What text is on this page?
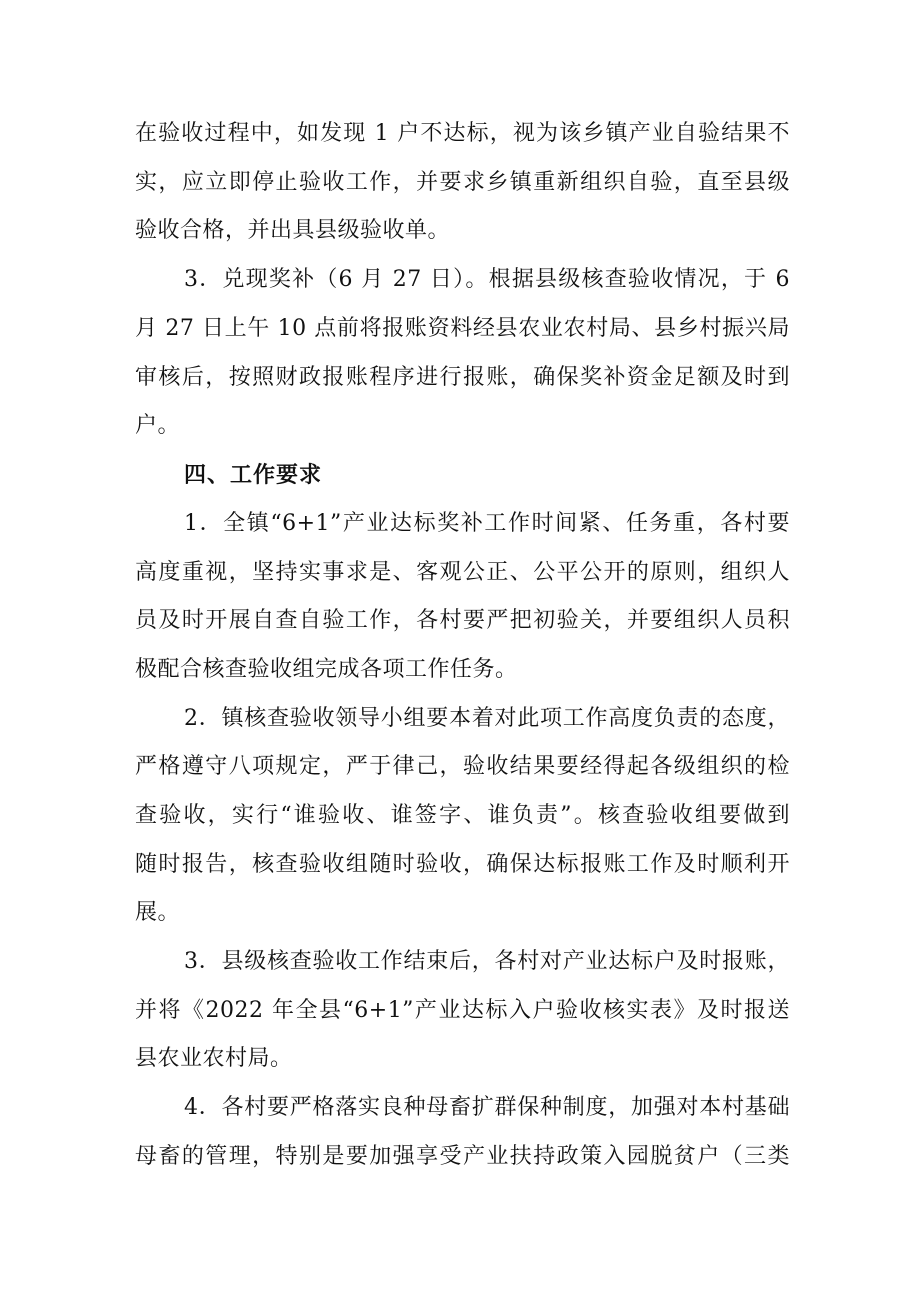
在验收过程中，如发现 1 户不达标，视为该乡镇产业自验结果不
实，应立即停止验收工作，并要求乡镇重新组织自验，直至县级
验收合格，并出具县级验收单。
3．兑现奖补（6 月 27 日）。根据县级核查验收情况，于 6
月 27 日上午 10 点前将报账资料经县农业农村局、县乡村振兴局
审核后，按照财政报账程序进行报账，确保奖补资金足额及时到
户。
四、工作要求
1．全镇“6+1”产业达标奖补工作时间紧、任务重，各村要
高度重视，坚持实事求是、客观公正、公平公开的原则，组织人
员及时开展自查自验工作，各村要严把初验关，并要组织人员积
极配合核查验收组完成各项工作任务。
2．镇核查验收领导小组要本着对此项工作高度负责的态度，
严格遵守八项规定，严于律己，验收结果要经得起各级组织的检
查验收，实行“谁验收、谁签字、谁负责”。核查验收组要做到
随时报告，核查验收组随时验收，确保达标报账工作及时顺利开
展。
3．县级核查验收工作结束后，各村对产业达标户及时报账，
并将《2022 年全县“6+1”产业达标入户验收核实表》及时报送
县农业农村局。
4．各村要严格落实良种母畜扩群保种制度，加强对本村基础
母畜的管理，特别是要加强享受产业扶持政策入园脱贫户（三类
